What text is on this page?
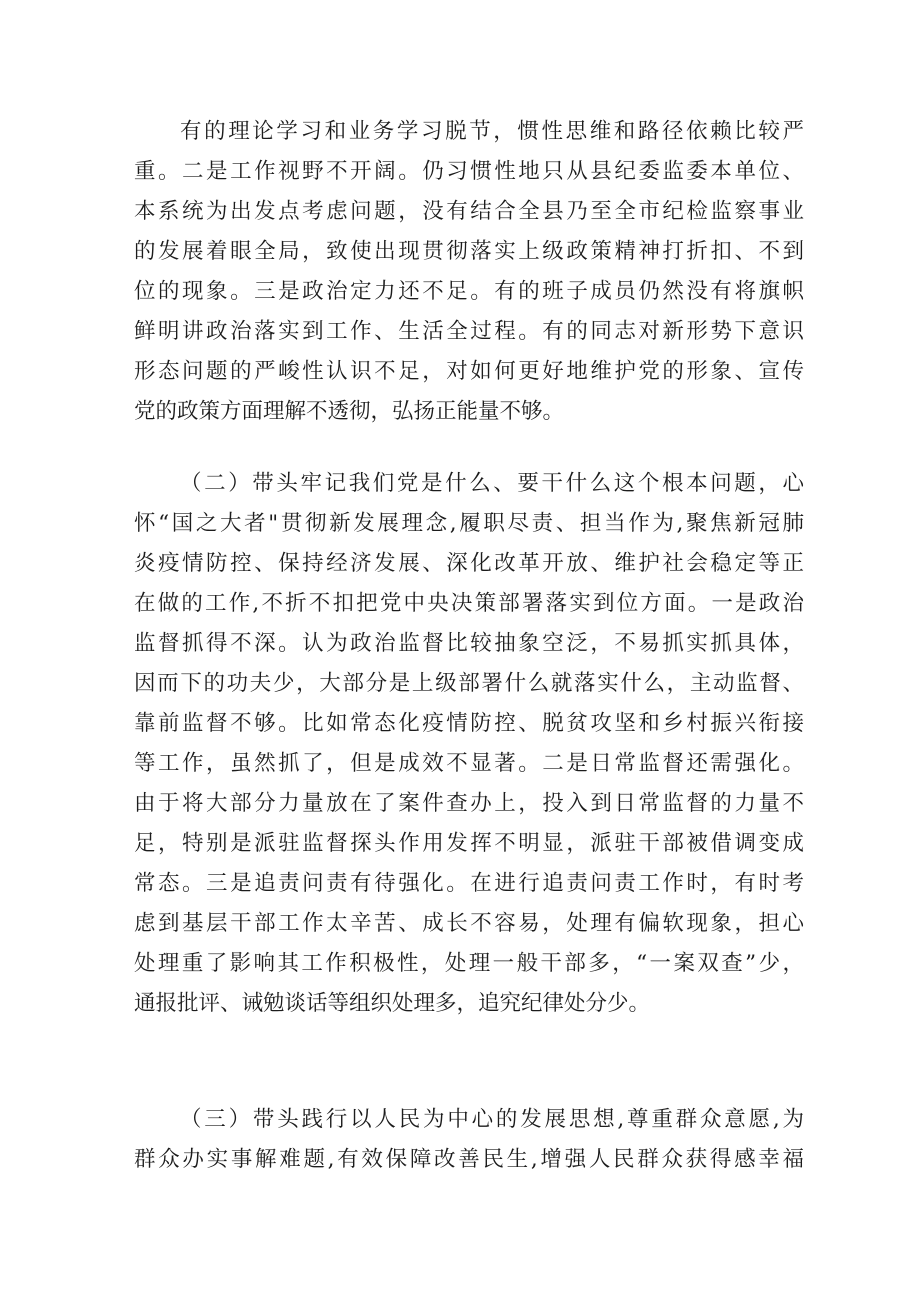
有的理论学习和业务学习脱节，惯性思维和路径依赖比较严
重。二是工作视野不开阔。仍习惯性地只从县纪委监委本单位、
本系统为出发点考虑问题，没有结合全县乃至全市纪检监察事业
的发展着眼全局，致使出现贯彻落实上级政策精神打折扣、不到
位的现象。三是政治定力还不足。有的班子成员仍然没有将旗帜
鲜明讲政治落实到工作、生活全过程。有的同志对新形势下意识
形态问题的严峻性认识不足，对如何更好地维护党的形象、宣传
党的政策方面理解不透彻，弘扬正能量不够。
（二）带头牢记我们党是什么、要干什么这个根本问题，心
怀“国之大者"贯彻新发展理念,履职尽责、担当作为,聚焦新冠肺
炎疫情防控、保持经济发展、深化改革开放、维护社会稳定等正
在做的工作,不折不扣把党中央决策部署落实到位方面。一是政治
监督抓得不深。认为政治监督比较抽象空泛，不易抓实抓具体，
因而下的功夫少，大部分是上级部署什么就落实什么，主动监督、
靠前监督不够。比如常态化疫情防控、脱贫攻坚和乡村振兴衔接
等工作，虽然抓了，但是成效不显著。二是日常监督还需强化。
由于将大部分力量放在了案件查办上，投入到日常监督的力量不
足，特别是派驻监督探头作用发挥不明显，派驻干部被借调变成
常态。三是追责问责有待强化。在进行追责问责工作时，有时考
虑到基层干部工作太辛苦、成长不容易，处理有偏软现象，担心
处理重了影响其工作积极性，处理一般干部多，“一案双查”少，
通报批评、诫勉谈话等组织处理多，追究纪律处分少。
（三）带头践行以人民为中心的发展思想,尊重群众意愿,为
群众办实事解难题,有效保障改善民生,增强人民群众获得感幸福
